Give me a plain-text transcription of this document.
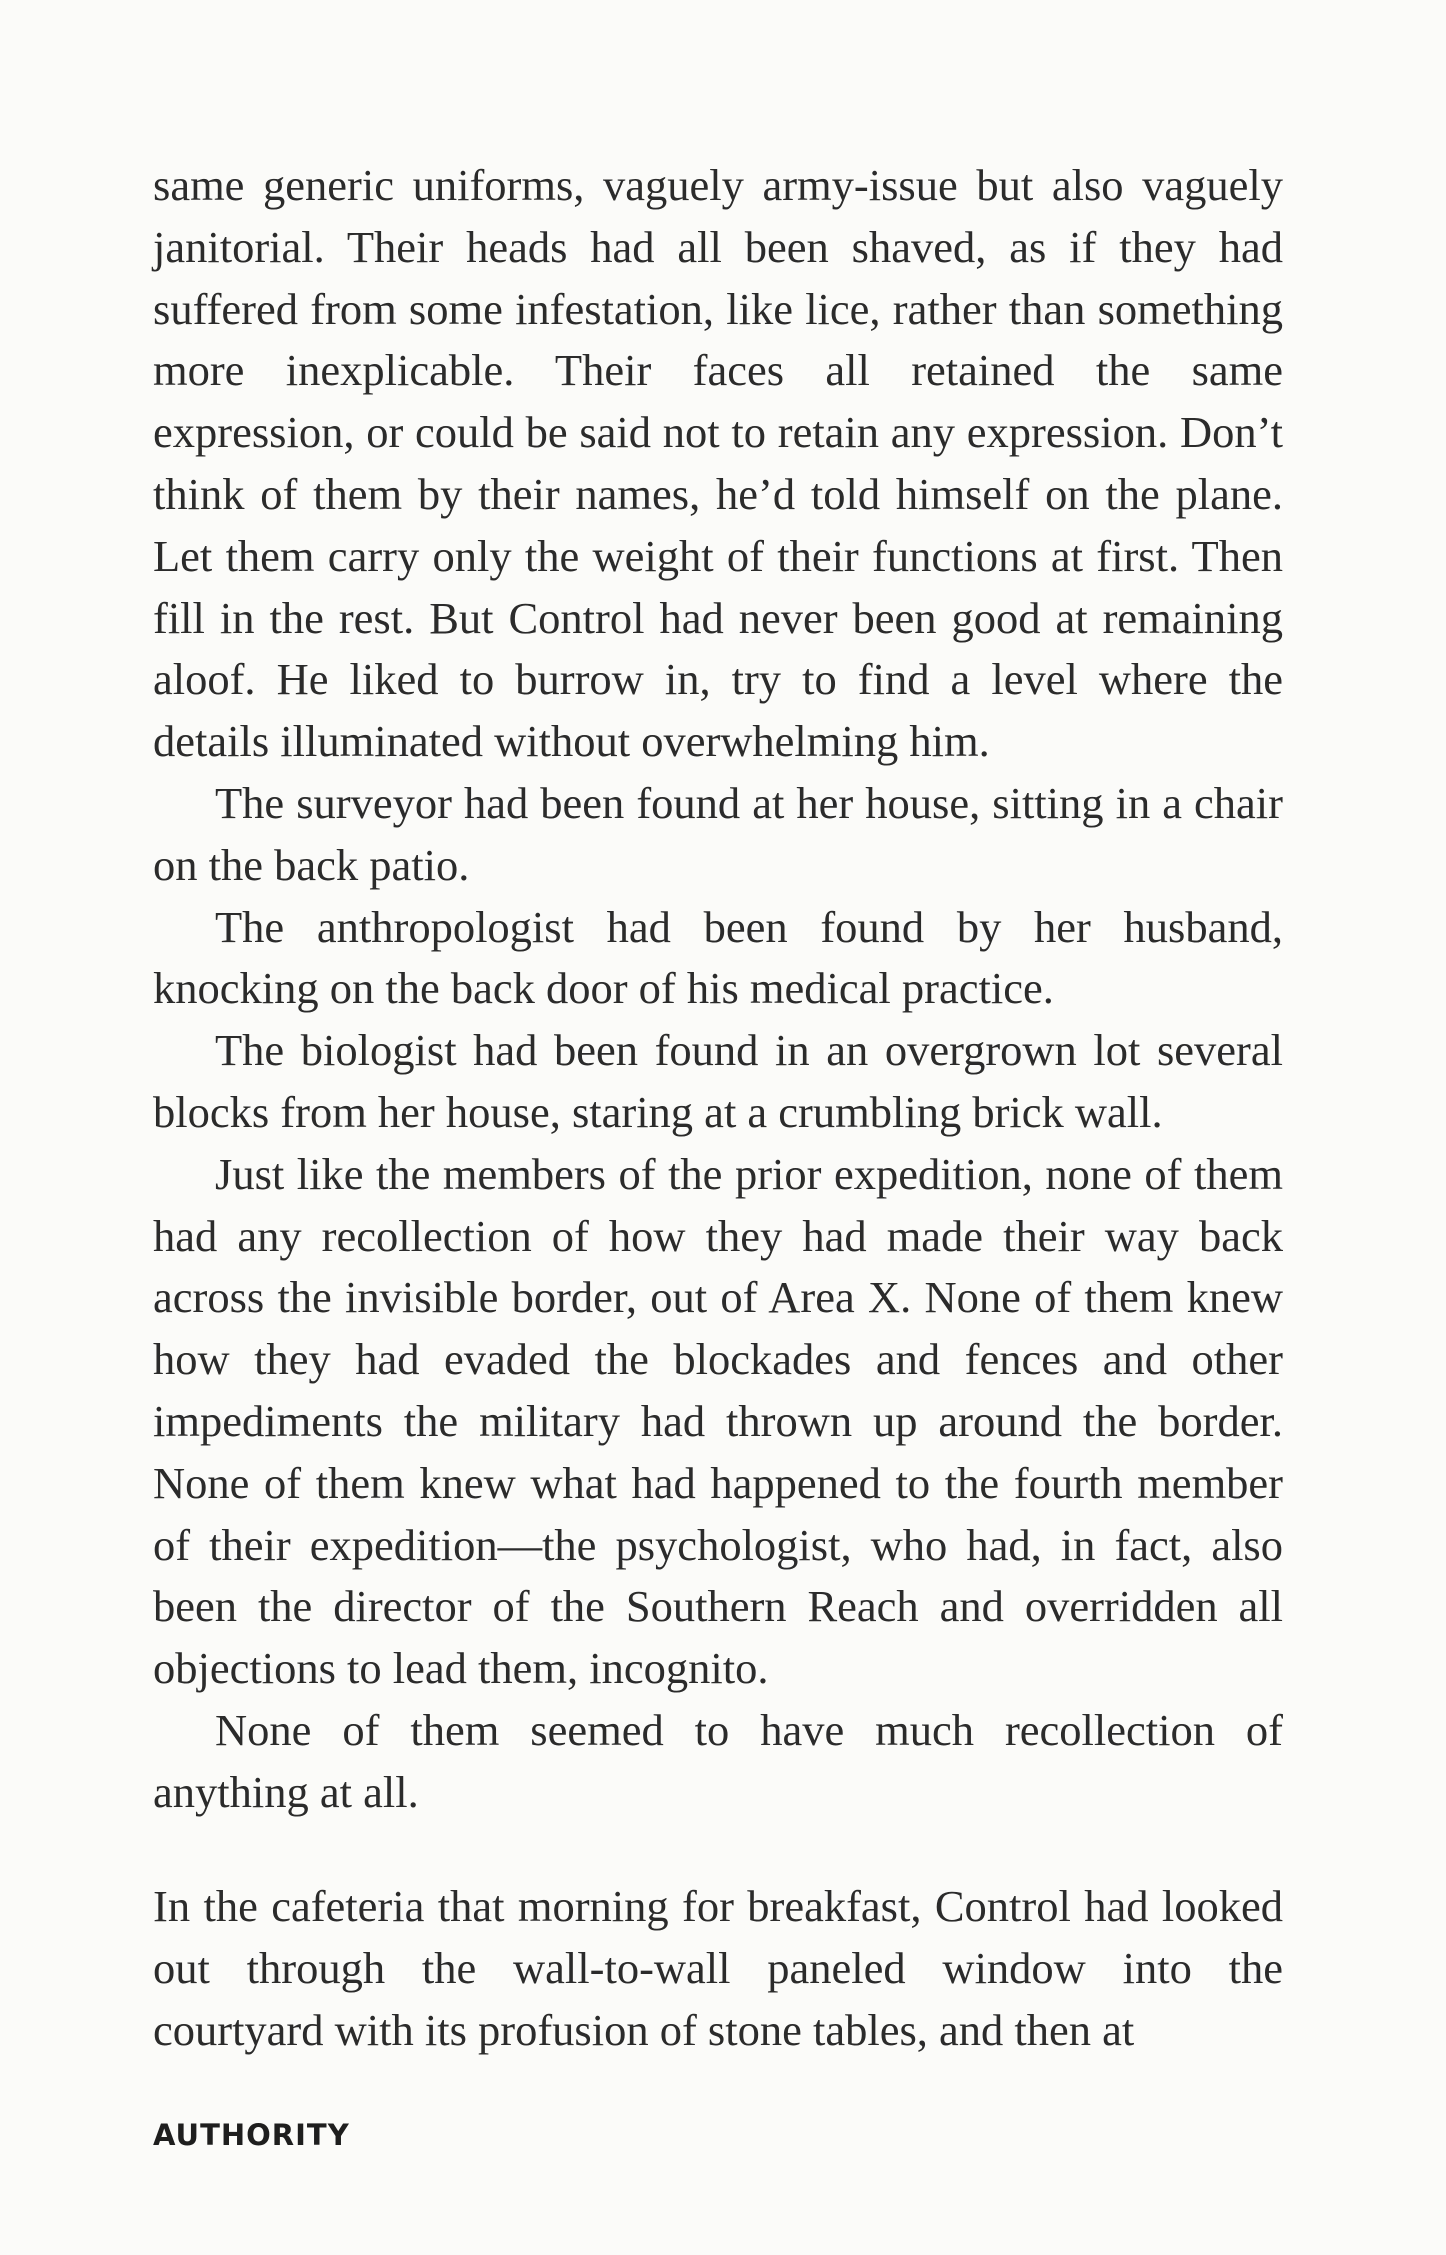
same generic uniforms, vaguely army-issue but also vaguely janitorial. Their heads had all been shaved, as if they had suffered from some infestation, like lice, rather than something more inexplicable. Their faces all retained the same expression, or could be said not to retain any expression. Don’t think of them by their names, he’d told himself on the plane. Let them carry only the weight of their functions at first. Then fill in the rest. But Control had never been good at remaining aloof. He liked to burrow in, try to find a level where the details illuminated without overwhelming him.

The surveyor had been found at her house, sitting in a chair on the back patio.

The anthropologist had been found by her husband, knocking on the back door of his medical practice.

The biologist had been found in an overgrown lot several blocks from her house, staring at a crumbling brick wall.

Just like the members of the prior expedition, none of them had any recollection of how they had made their way back across the invisible border, out of Area X. None of them knew how they had evaded the blockades and fences and other impediments the military had thrown up around the border. None of them knew what had happened to the fourth member of their expedition—the psychologist, who had, in fact, also been the director of the Southern Reach and overridden all objections to lead them, incognito.

None of them seemed to have much recollection of anything at all.

In the cafeteria that morning for breakfast, Control had looked out through the wall-to-wall paneled window into the courtyard with its profusion of stone tables, and then at

AUTHORITY
